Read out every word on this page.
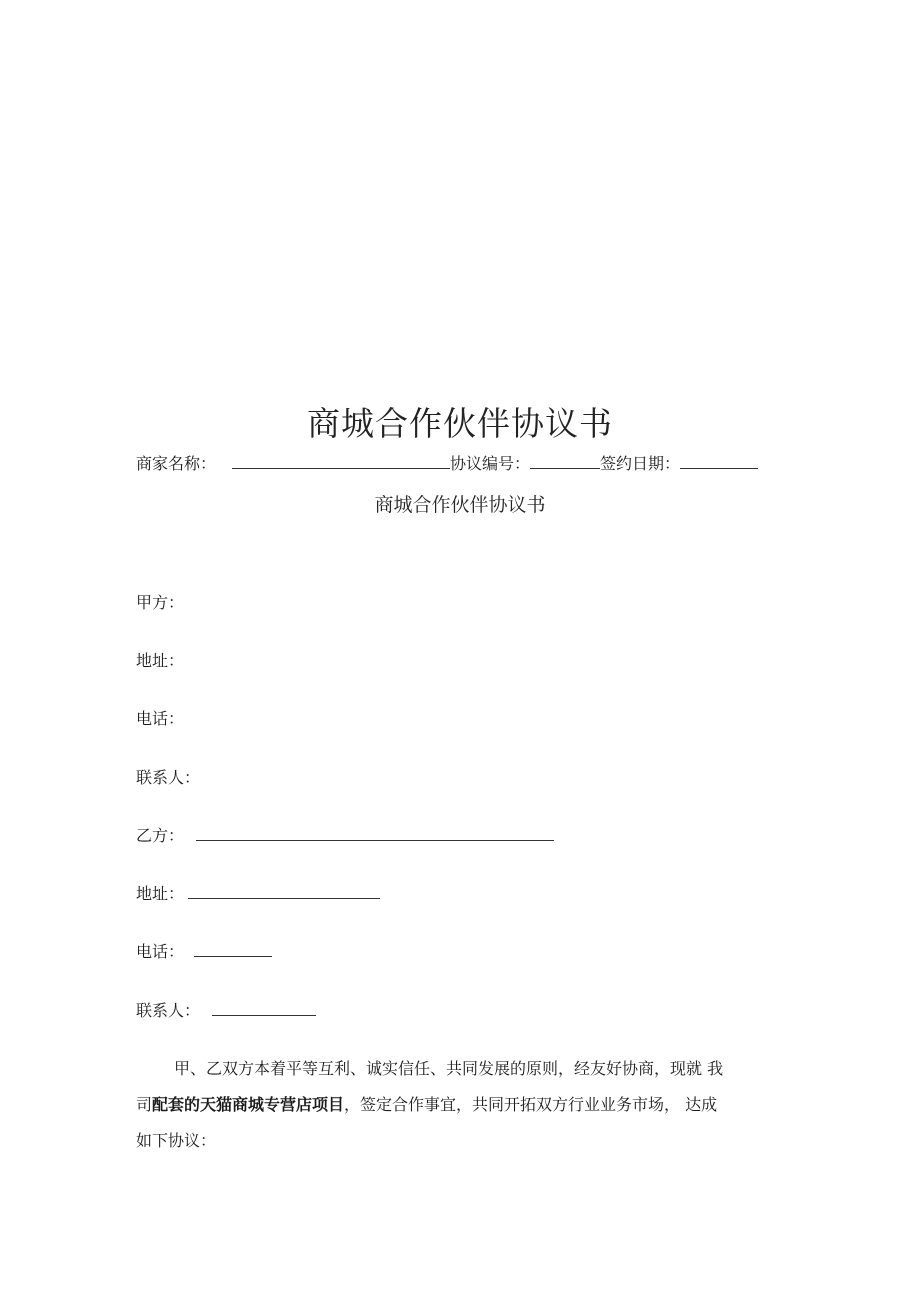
商城合作伙伴协议书
商家名称：	协议编号：	签约日期：
商城合作伙伴协议书
甲方：
地址：
电话：
联系人：
乙方：
地址：
电话：
联系人：
甲、乙双方本着平等互利、诚实信任、共同发展的原则，经友好协商，现就 我
司配套的天猫商城专营店项目，签定合作事宜，共同开拓双方行业业务市场， 达成
如下协议：
